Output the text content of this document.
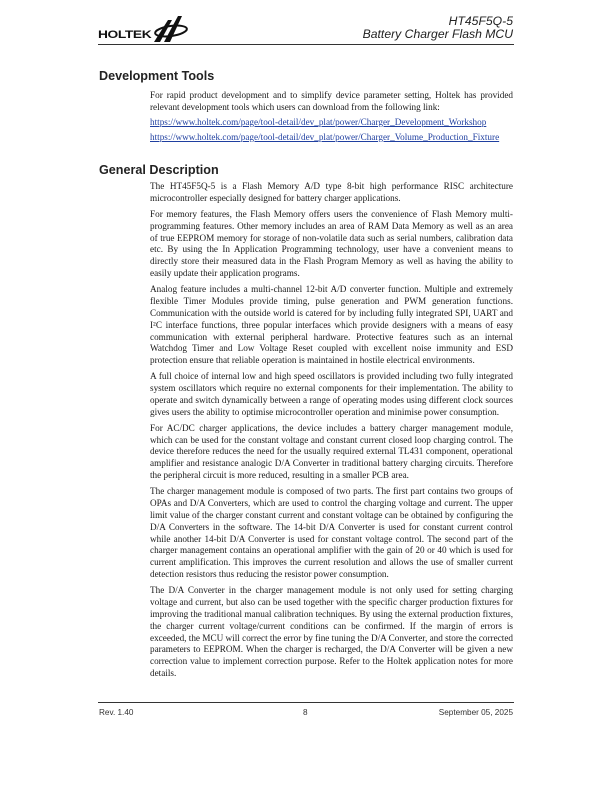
HOLTEK
HT45F5Q-5
Battery Charger Flash MCU
Development Tools

For rapid product development and to simplify device parameter setting, Holtek has provided relevant development tools which users can download from the following link:

https://www.holtek.com/page/tool-detail/dev_plat/power/Charger_Development_Workshop
https://www.holtek.com/page/tool-detail/dev_plat/power/Charger_Volume_Production_Fixture
General Description

The HT45F5Q-5 is a Flash Memory A/D type 8-bit high performance RISC architecture microcontroller especially designed for battery charger applications.

For memory features, the Flash Memory offers users the convenience of Flash Memory multi-programming features. Other memory includes an area of RAM Data Memory as well as an area of true EEPROM memory for storage of non-volatile data such as serial numbers, calibration data etc. By using the In Application Programming technology, user have a convenient means to directly store their measured data in the Flash Program Memory as well as having the ability to easily update their application programs.

Analog feature includes a multi-channel 12-bit A/D converter function. Multiple and extremely flexible Timer Modules provide timing, pulse generation and PWM generation functions. Communication with the outside world is catered for by including fully integrated SPI, UART and I²C interface functions, three popular interfaces which provide designers with a means of easy communication with external peripheral hardware. Protective features such as an internal Watchdog Timer and Low Voltage Reset coupled with excellent noise immunity and ESD protection ensure that reliable operation is maintained in hostile electrical environments.

A full choice of internal low and high speed oscillators is provided including two fully integrated system oscillators which require no external components for their implementation. The ability to operate and switch dynamically between a range of operating modes using different clock sources gives users the ability to optimise microcontroller operation and minimise power consumption.

For AC/DC charger applications, the device includes a battery charger management module, which can be used for the constant voltage and constant current closed loop charging control. The device therefore reduces the need for the usually required external TL431 component, operational amplifier and resistance analogic D/A Converter in traditional battery charging circuits. Therefore the peripheral circuit is more reduced, resulting in a smaller PCB area.

The charger management module is composed of two parts. The first part contains two groups of OPAs and D/A Converters, which are used to control the charging voltage and current. The upper limit value of the charger constant current and constant voltage can be obtained by configuring the D/A Converters in the software. The 14-bit D/A Converter is used for constant current control while another 14-bit D/A Converter is used for constant voltage control. The second part of the charger management contains an operational amplifier with the gain of 20 or 40 which is used for current amplification. This improves the current resolution and allows the use of smaller current detection resistors thus reducing the resistor power consumption.

The D/A Converter in the charger management module is not only used for setting charging voltage and current, but also can be used together with the specific charger production fixtures for improving the traditional manual calibration techniques. By using the external production fixtures, the charger current voltage/current conditions can be confirmed. If the margin of errors is exceeded, the MCU will correct the error by fine tuning the D/A Converter, and store the corrected parameters to EEPROM. When the charger is recharged, the D/A Converter will be given a new correction value to implement correction purpose. Refer to the Holtek application notes for more details.

Rev. 1.40	8	September 05, 2025
